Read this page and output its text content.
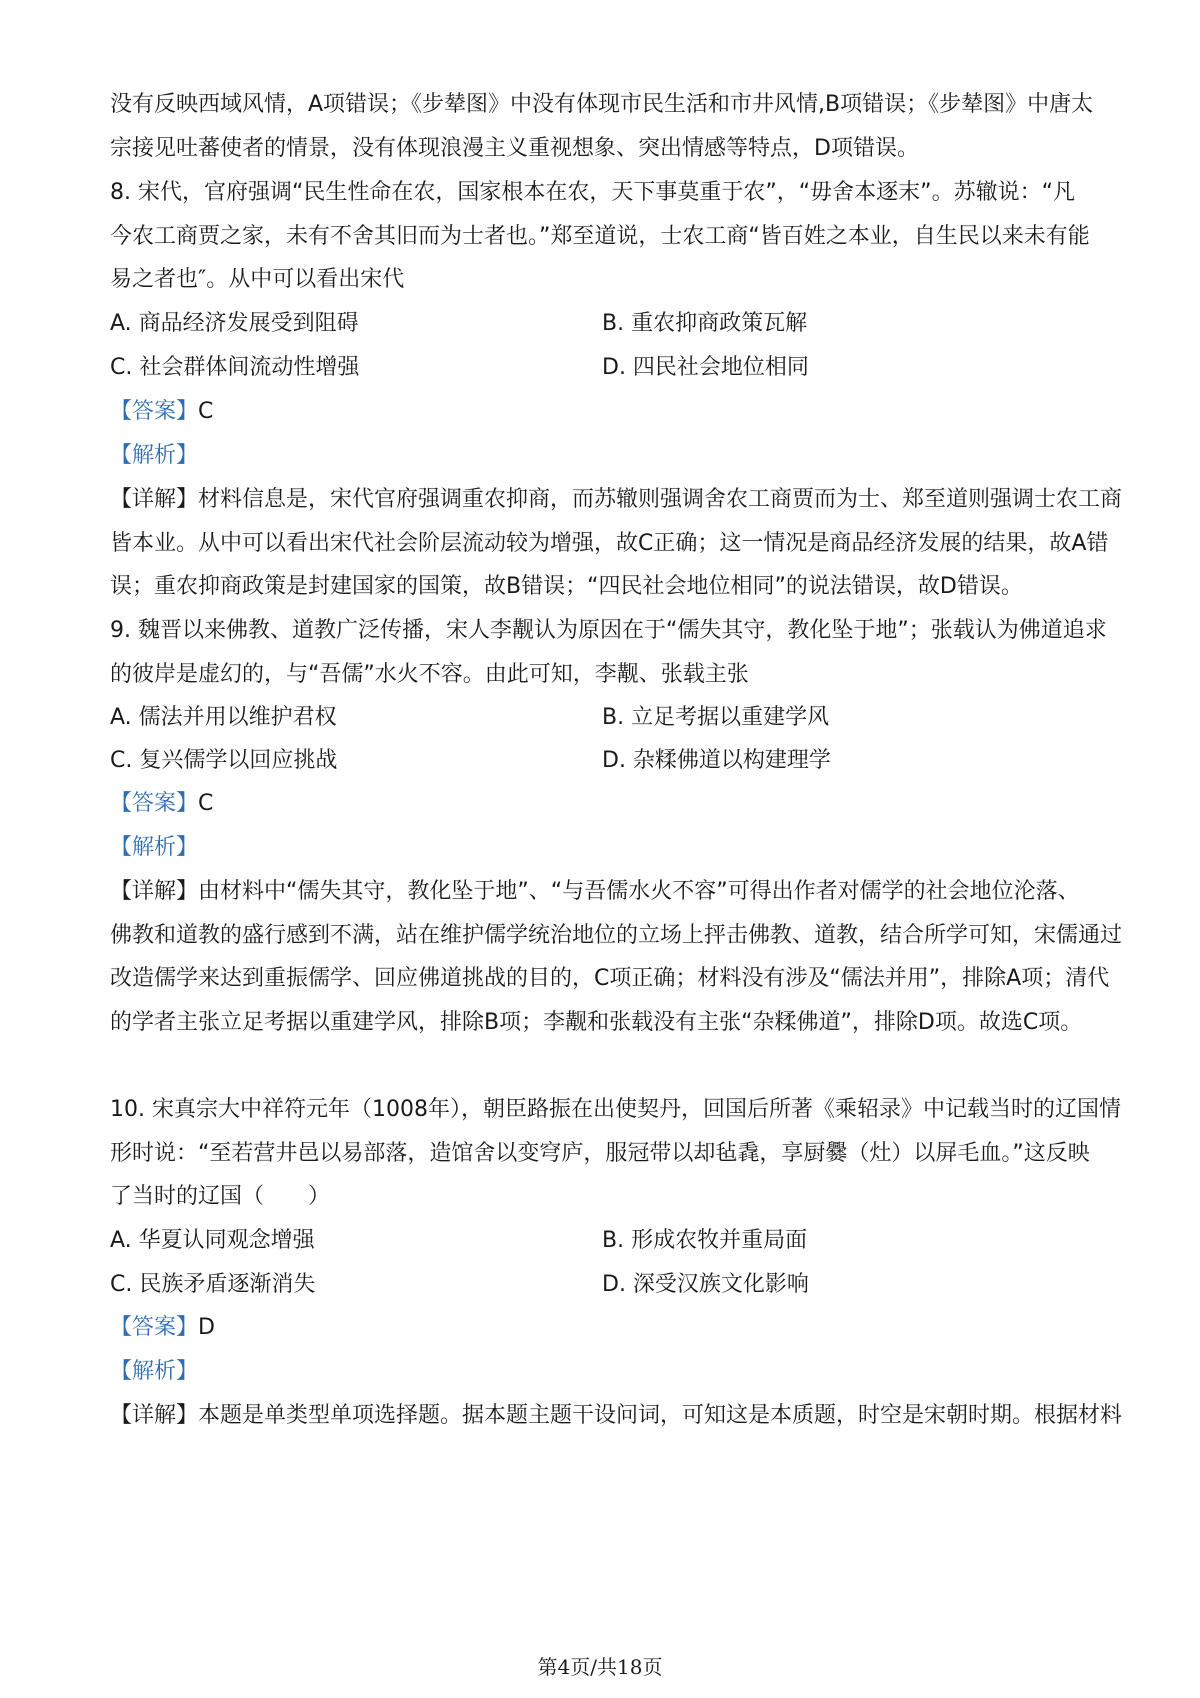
没有反映西域风情，A项错误；《步辇图》中没有体现市民生活和市井风情,B项错误；《步辇图》中唐太
宗接见吐蕃使者的情景，没有体现浪漫主义重视想象、突出情感等特点，D项错误。
8. 宋代，官府强调“民生性命在农，国家根本在农，天下事莫重于农”，“毋舍本逐末”。苏辙说：“凡
今农工商贾之家，未有不舍其旧而为士者也。”郑至道说，士农工商“皆百姓之本业，自生民以来未有能
易之者也″。从中可以看出宋代
A. 商品经济发展受到阻碍	B. 重农抑商政策瓦解
C. 社会群体间流动性增强	D. 四民社会地位相同
【答案】C
【解析】
【详解】材料信息是，宋代官府强调重农抑商，而苏辙则强调舍农工商贾而为士、郑至道则强调士农工商
皆本业。从中可以看出宋代社会阶层流动较为增强，故C正确；这一情况是商品经济发展的结果，故A错
误；重农抑商政策是封建国家的国策，故B错误；“四民社会地位相同”的说法错误，故D错误。
9. 魏晋以来佛教、道教广泛传播，宋人李觏认为原因在于“儒失其守，教化坠于地”；张载认为佛道追求
的彼岸是虚幻的，与“吾儒”水火不容。由此可知，李觏、张载主张
A. 儒法并用以维护君权	B. 立足考据以重建学风
C. 复兴儒学以回应挑战	D. 杂糅佛道以构建理学
【答案】C
【解析】
【详解】由材料中“儒失其守，教化坠于地”、“与吾儒水火不容”可得出作者对儒学的社会地位沦落、
佛教和道教的盛行感到不满，站在维护儒学统治地位的立场上抨击佛教、道教，结合所学可知，宋儒通过
改造儒学来达到重振儒学、回应佛道挑战的目的，C项正确；材料没有涉及“儒法并用”，排除A项；清代
的学者主张立足考据以重建学风，排除B项；李觏和张载没有主张“杂糅佛道”，排除D项。故选C项。
10. 宋真宗大中祥符元年（1008年），朝臣路振在出使契丹，回国后所著《乘轺录》中记载当时的辽国情
形时说：“至若营井邑以易部落，造馆舍以变穹庐，服冠带以却毡毳，享厨爨（灶）以屏毛血。”这反映
了当时的辽国（　　）
A. 华夏认同观念增强	B. 形成农牧并重局面
C. 民族矛盾逐渐消失	D. 深受汉族文化影响
【答案】D
【解析】
【详解】本题是单类型单项选择题。据本题主题干设问词，可知这是本质题，时空是宋朝时期。根据材料
第4页/共18页
